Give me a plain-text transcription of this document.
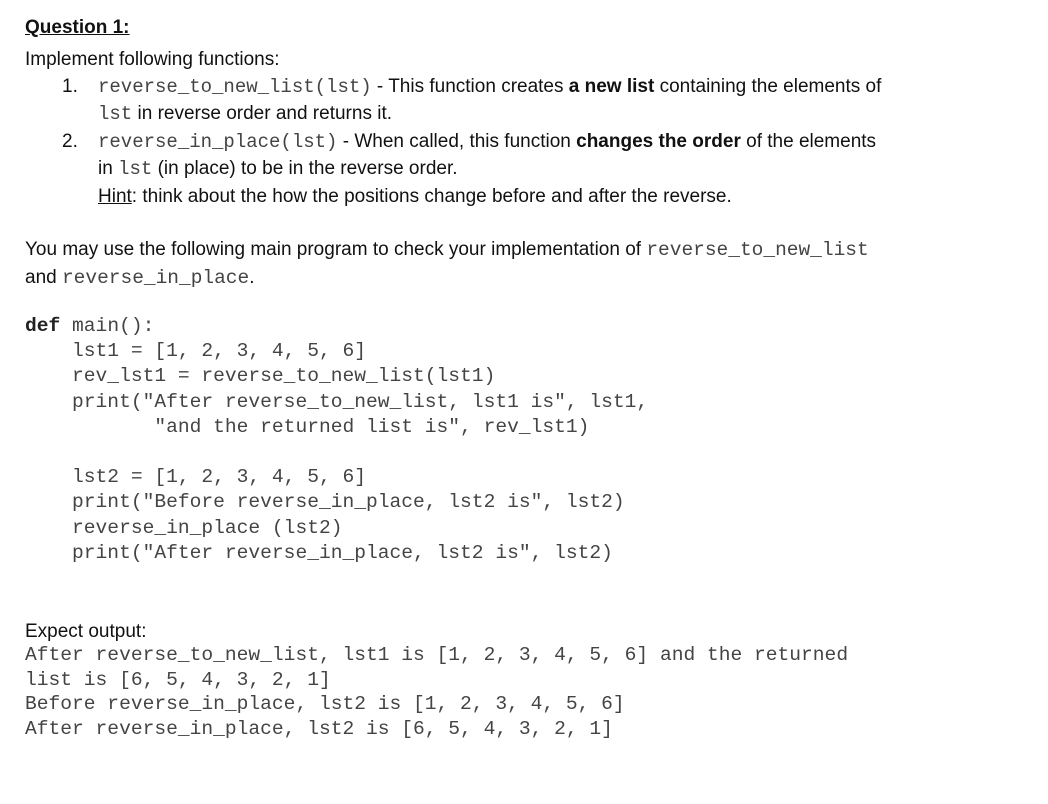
Question 1:
Implement following functions:
1. reverse_to_new_list(lst) - This function creates a new list containing the elements of
lst in reverse order and returns it.
2. reverse_in_place(lst) - When called, this function changes the order of the elements
in lst (in place) to be in the reverse order.
Hint: think about the how the positions change before and after the reverse.
You may use the following main program to check your implementation of reverse_to_new_list
and reverse_in_place.
def main():
lst1 = [1, 2, 3, 4, 5, 6]
rev_lst1 = reverse_to_new_list(lst1)
print("After reverse_to_new_list, lst1 is", lst1,
"and the returned list is", rev_lst1)

lst2 = [1, 2, 3, 4, 5, 6]
print("Before reverse_in_place, lst2 is", lst2)
reverse_in_place (lst2)
print("After reverse_in_place, lst2 is", lst2)
Expect output:
After reverse_to_new_list, lst1 is [1, 2, 3, 4, 5, 6] and the returned
list is [6, 5, 4, 3, 2, 1]
Before reverse_in_place, lst2 is [1, 2, 3, 4, 5, 6]
After reverse_in_place, lst2 is [6, 5, 4, 3, 2, 1]
